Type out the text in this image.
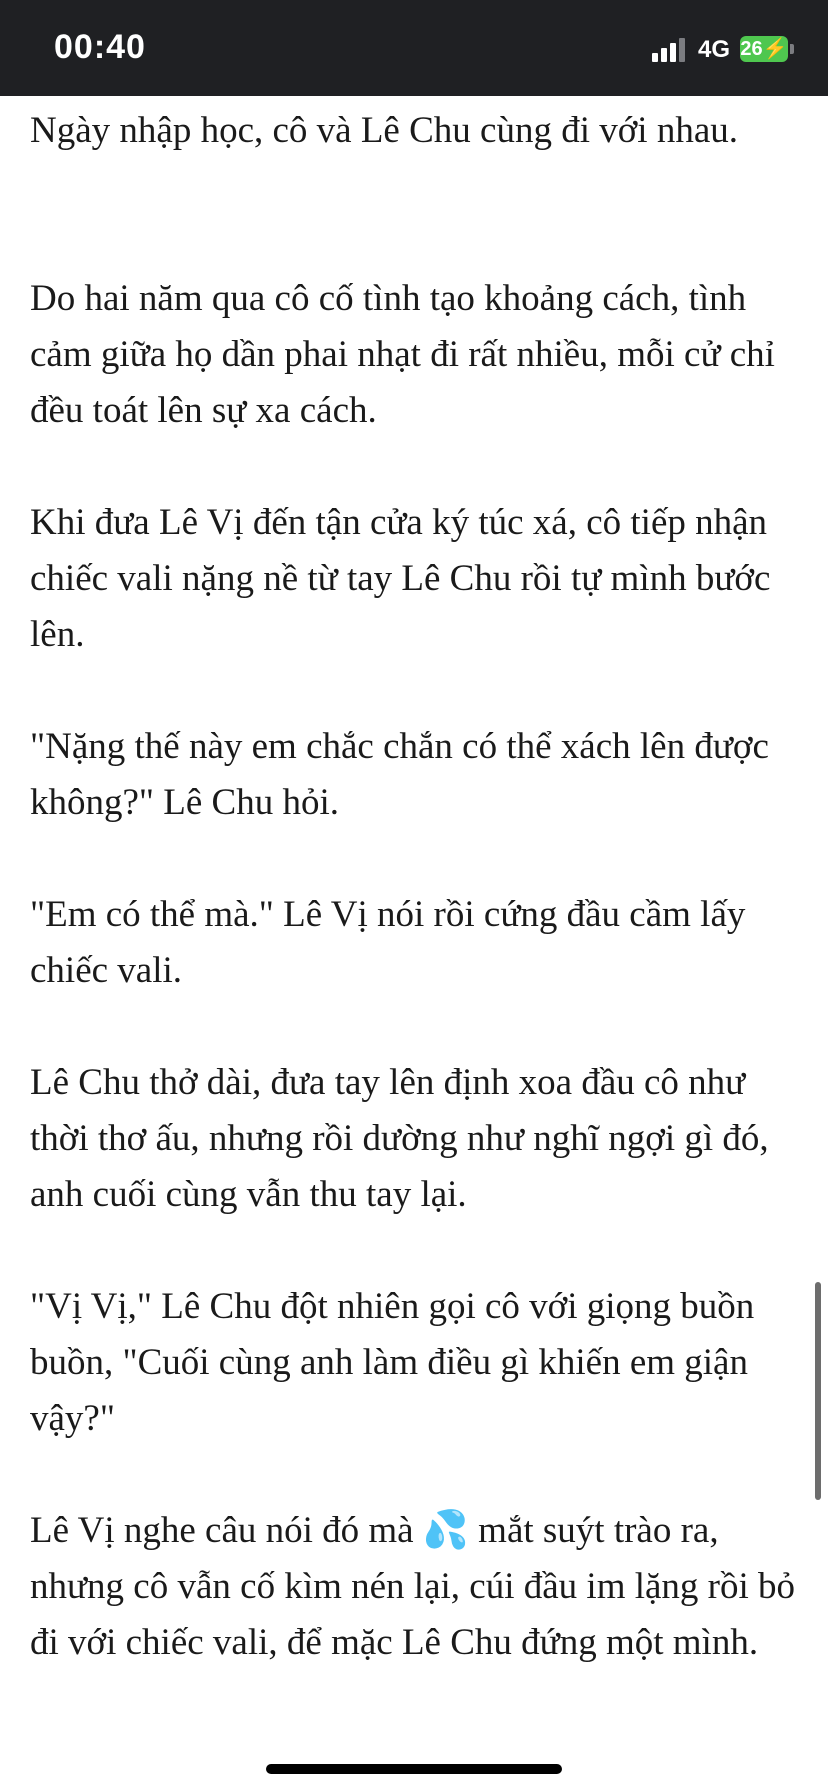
00:40	4G 26⚡

Ngày nhập học, cô và Lê Chu cùng đi với nhau.

Do hai năm qua cô cố tình tạo khoảng cách, tình cảm giữa họ dần phai nhạt đi rất nhiều, mỗi cử chỉ đều toát lên sự xa cách.

Khi đưa Lê Vị đến tận cửa ký túc xá, cô tiếp nhận chiếc vali nặng nề từ tay Lê Chu rồi tự mình bước lên.

"Nặng thế này em chắc chắn có thể xách lên được không?" Lê Chu hỏi.

"Em có thể mà." Lê Vị nói rồi cứng đầu cầm lấy chiếc vali.

Lê Chu thở dài, đưa tay lên định xoa đầu cô như thời thơ ấu, nhưng rồi dường như nghĩ ngợi gì đó, anh cuối cùng vẫn thu tay lại.

"Vị Vị," Lê Chu đột nhiên gọi cô với giọng buồn buồn, "Cuối cùng anh làm điều gì khiến em giận vậy?"

Lê Vị nghe câu nói đó mà 💦 mắt suýt trào ra, nhưng cô vẫn cố kìm nén lại, cúi đầu im lặng rồi bỏ đi với chiếc vali, để mặc Lê Chu đứng một mình.
